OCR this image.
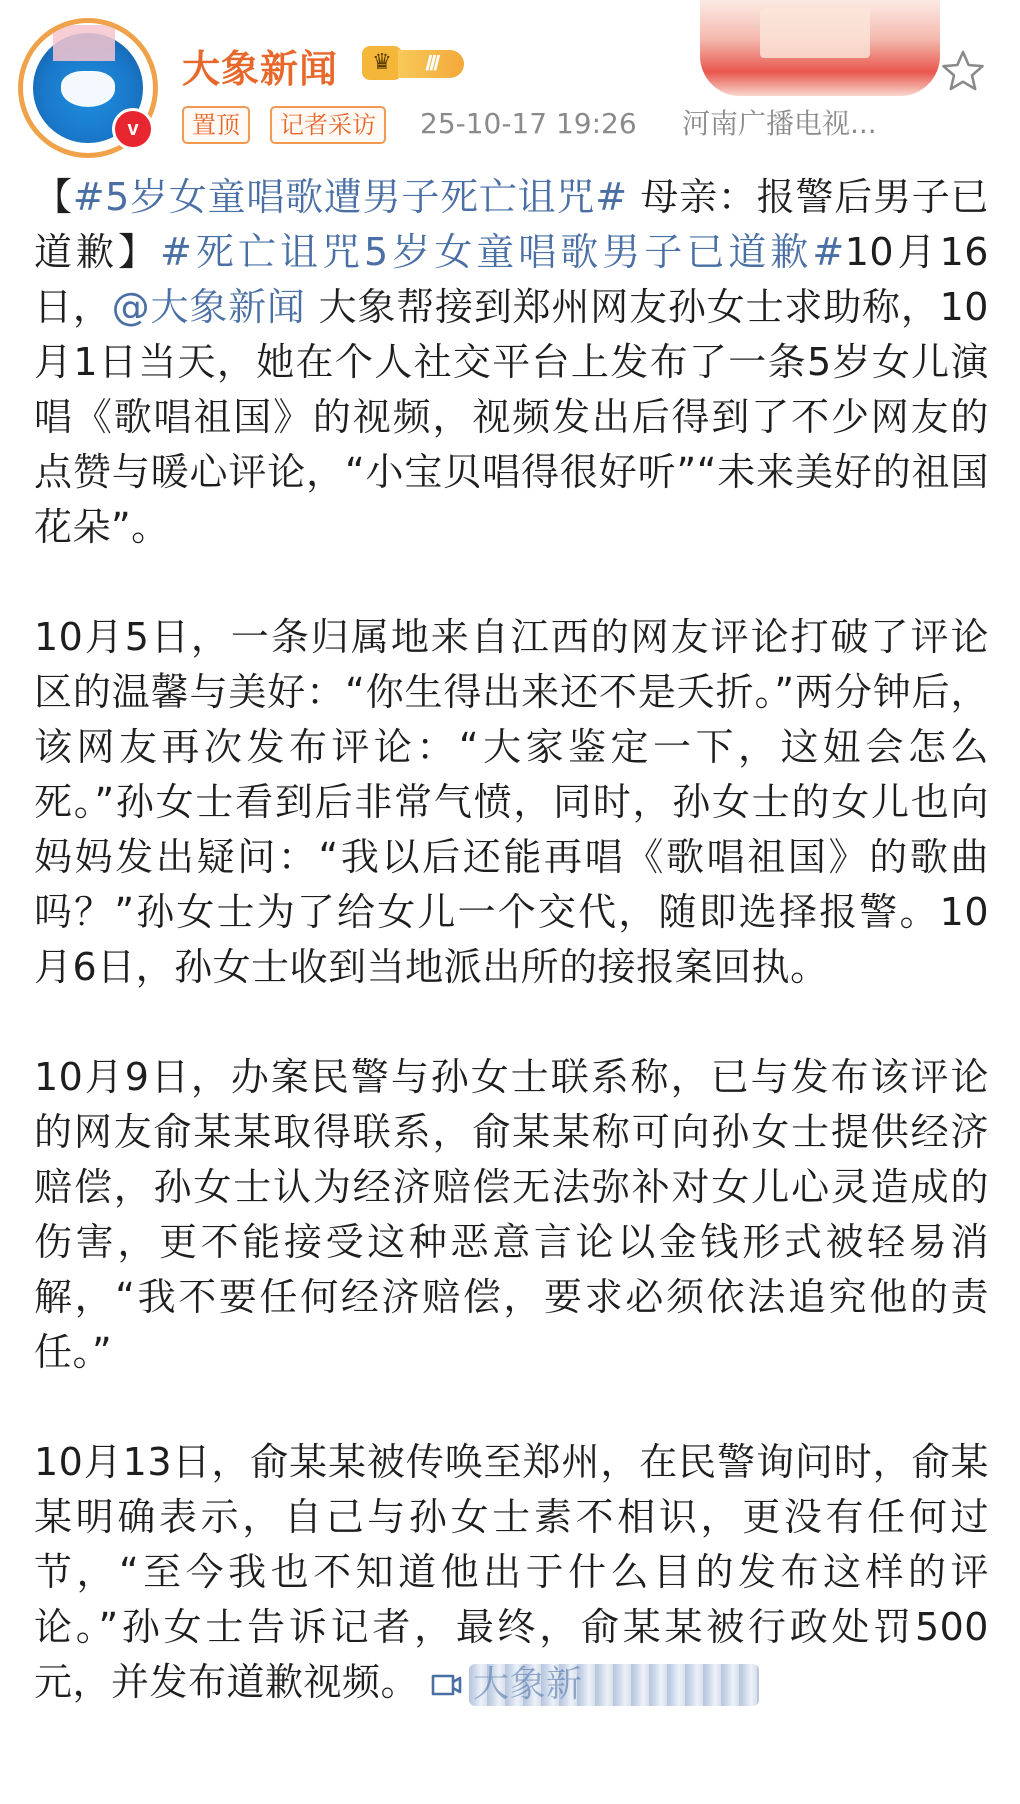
v
大象新闻	♛	Ⅲ
置顶	记者采访	25-10-17 19:26 河南广播电视...

【#5岁女童唱歌遭男子死亡诅咒# 母亲：报警后男子已道歉】#死亡诅咒5岁女童唱歌男子已道歉#10月16日，@大象新闻 大象帮接到郑州网友孙女士求助称，10月1日当天，她在个人社交平台上发布了一条5岁女儿演唱《歌唱祖国》的视频，视频发出后得到了不少网友的点赞与暖心评论，“小宝贝唱得很好听”“未来美好的祖国花朵”。

10月5日，一条归属地来自江西的网友评论打破了评论区的温馨与美好：“你生得出来还不是夭折。”两分钟后，该网友再次发布评论：“大家鉴定一下，这妞会怎么死。”孙女士看到后非常气愤，同时，孙女士的女儿也向妈妈发出疑问：“我以后还能再唱《歌唱祖国》的歌曲吗？”孙女士为了给女儿一个交代，随即选择报警。10月6日，孙女士收到当地派出所的接报案回执。

10月9日，办案民警与孙女士联系称，已与发布该评论的网友俞某某取得联系，俞某某称可向孙女士提供经济赔偿，孙女士认为经济赔偿无法弥补对女儿心灵造成的伤害，更不能接受这种恶意言论以金钱形式被轻易消解，“我不要任何经济赔偿，要求必须依法追究他的责任。”

10月13日，俞某某被传唤至郑州，在民警询问时，俞某某明确表示，自己与孙女士素不相识，更没有任何过节，“至今我也不知道他出于什么目的发布这样的评论。”孙女士告诉记者，最终，俞某某被行政处罚500元，并发布道歉视频。 大象新
